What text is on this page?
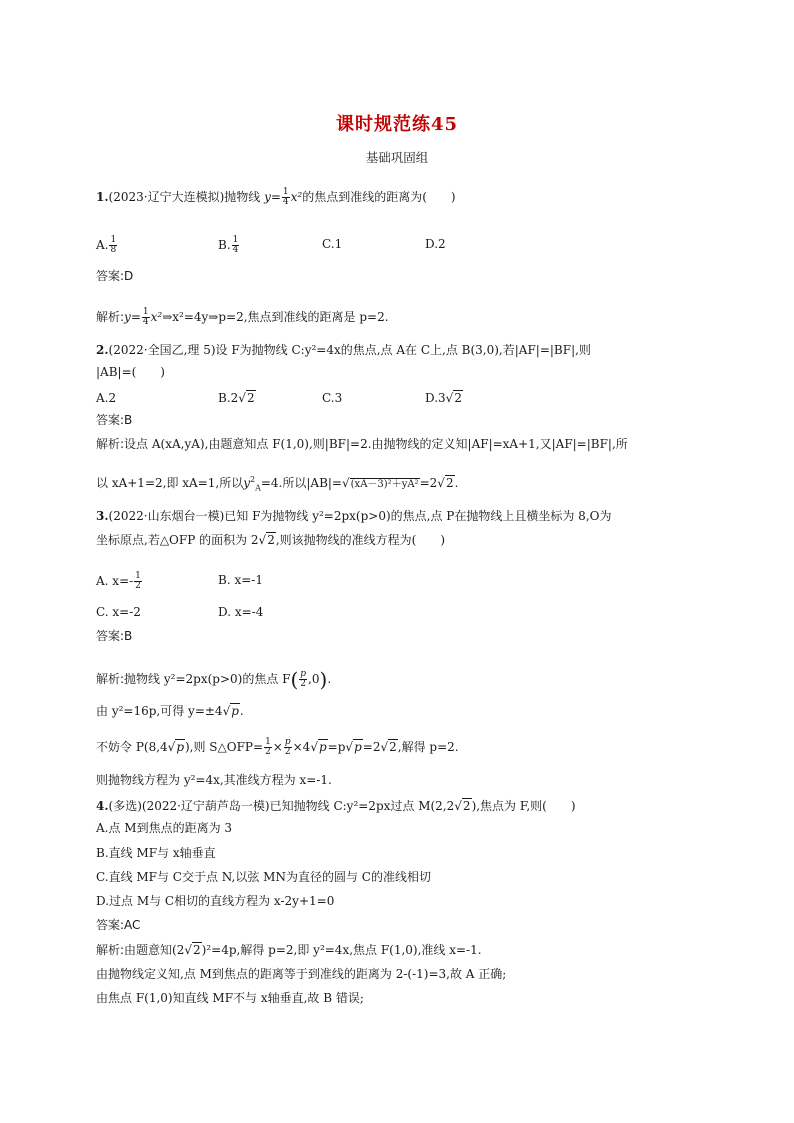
课时规范练45
基础巩固组
1.(2023·辽宁大连模拟)抛物线 $y= \frac{1}{4} x^2$的焦点到准线的距离为(　　)
A. $\frac{1}{8}$	B. $\frac{1}{4}$	C.1	D.2
答案:D
解析:y= $\frac{1}{4}$ x²⇒x²=4y⇒p=2,焦点到准线的距离是 p=2.
2.(2022·全国乙,理 5)设 F为抛物线 C:y²=4x的焦点,点 A在 C上,点 B(3,0),若|AF|=|BF|,则
|AB|=(　　)
A.2	B.2√2	C.3	D.3√2
答案:B
解析:设点 A(xA,yA),由题意知点 F(1,0),则|BF|=2.由抛物线的定义知|AF|=xA+1,又|AF|=|BF|,所
以 xA+1=2,即 xA=1,所以$y^2_A=4$.所以|AB|=√(xA－3)²＋yA²=2√2.
3.(2022·山东烟台一模)已知 F为抛物线 y²=2px(p>0)的焦点,点 P在抛物线上且横坐标为 8,O为
坐标原点,若△OFP 的面积为 2√2,则该抛物线的准线方程为(　　)
A. $x=- \frac{1}{2}$	B. x=-1
C. x=-2	D. x=-4
答案:B
解析:抛物线 y²=2px(p>0)的焦点 $F( \frac{p}{2} ,0)$.
由 y²=16p,可得 y=±4√p.
不妨令 P(8,4√p),则 S△OFP= $\frac{1}{2} \times \frac{p}{2} \times 4√p=p√p=2√2$,解得 p=2.
则抛物线方程为 y²=4x,其准线方程为 x=-1.
4.(多选)(2022·辽宁葫芦岛一模)已知抛物线 C:y²=2px过点 M(2,2√2),焦点为 F,则(　　)
A.点 M到焦点的距离为 3
B.直线 MF与 x轴垂直
C.直线 MF与 C交于点 N,以弦 MN为直径的圆与 C的准线相切
D.过点 M与 C相切的直线方程为 x-2y+1=0
答案:AC
解析:由题意知(2√2)²=4p,解得 p=2,即 y²=4x,焦点 F(1,0),准线 x=-1.
由抛物线定义知,点 M到焦点的距离等于到准线的距离为 2-(-1)=3,故 A 正确;
由焦点 F(1,0)知直线 MF不与 x轴垂直,故 B 错误;
